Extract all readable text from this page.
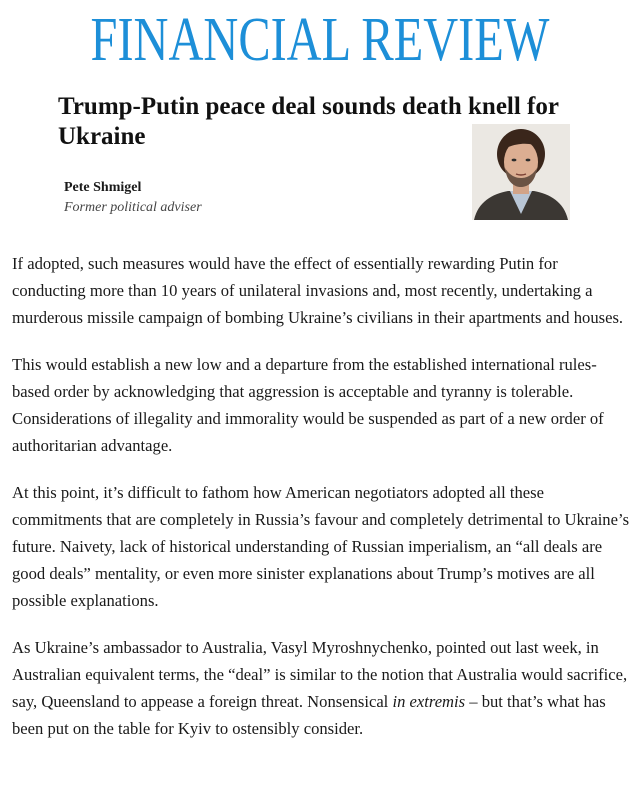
FINANCIAL REVIEW
Trump-Putin peace deal sounds death knell for Ukraine
Pete Shmigel
Former political adviser

If adopted, such measures would have the effect of essentially rewarding Putin for conducting more than 10 years of unilateral invasions and, most recently, undertaking a murderous missile campaign of bombing Ukraine’s civilians in their apartments and houses.

This would establish a new low and a departure from the established international rules-based order by acknowledging that aggression is acceptable and tyranny is tolerable. Considerations of illegality and immorality would be suspended as part of a new order of authoritarian advantage.

At this point, it’s difficult to fathom how American negotiators adopted all these commitments that are completely in Russia’s favour and completely detrimental to Ukraine’s future. Naivety, lack of historical understanding of Russian imperialism, an “all deals are good deals” mentality, or even more sinister explanations about Trump’s motives are all possible explanations.

As Ukraine’s ambassador to Australia, Vasyl Myroshnychenko, pointed out last week, in Australian equivalent terms, the “deal” is similar to the notion that Australia would sacrifice, say, Queensland to appease a foreign threat. Nonsensical in extremis – but that’s what has been put on the table for Kyiv to ostensibly consider.
